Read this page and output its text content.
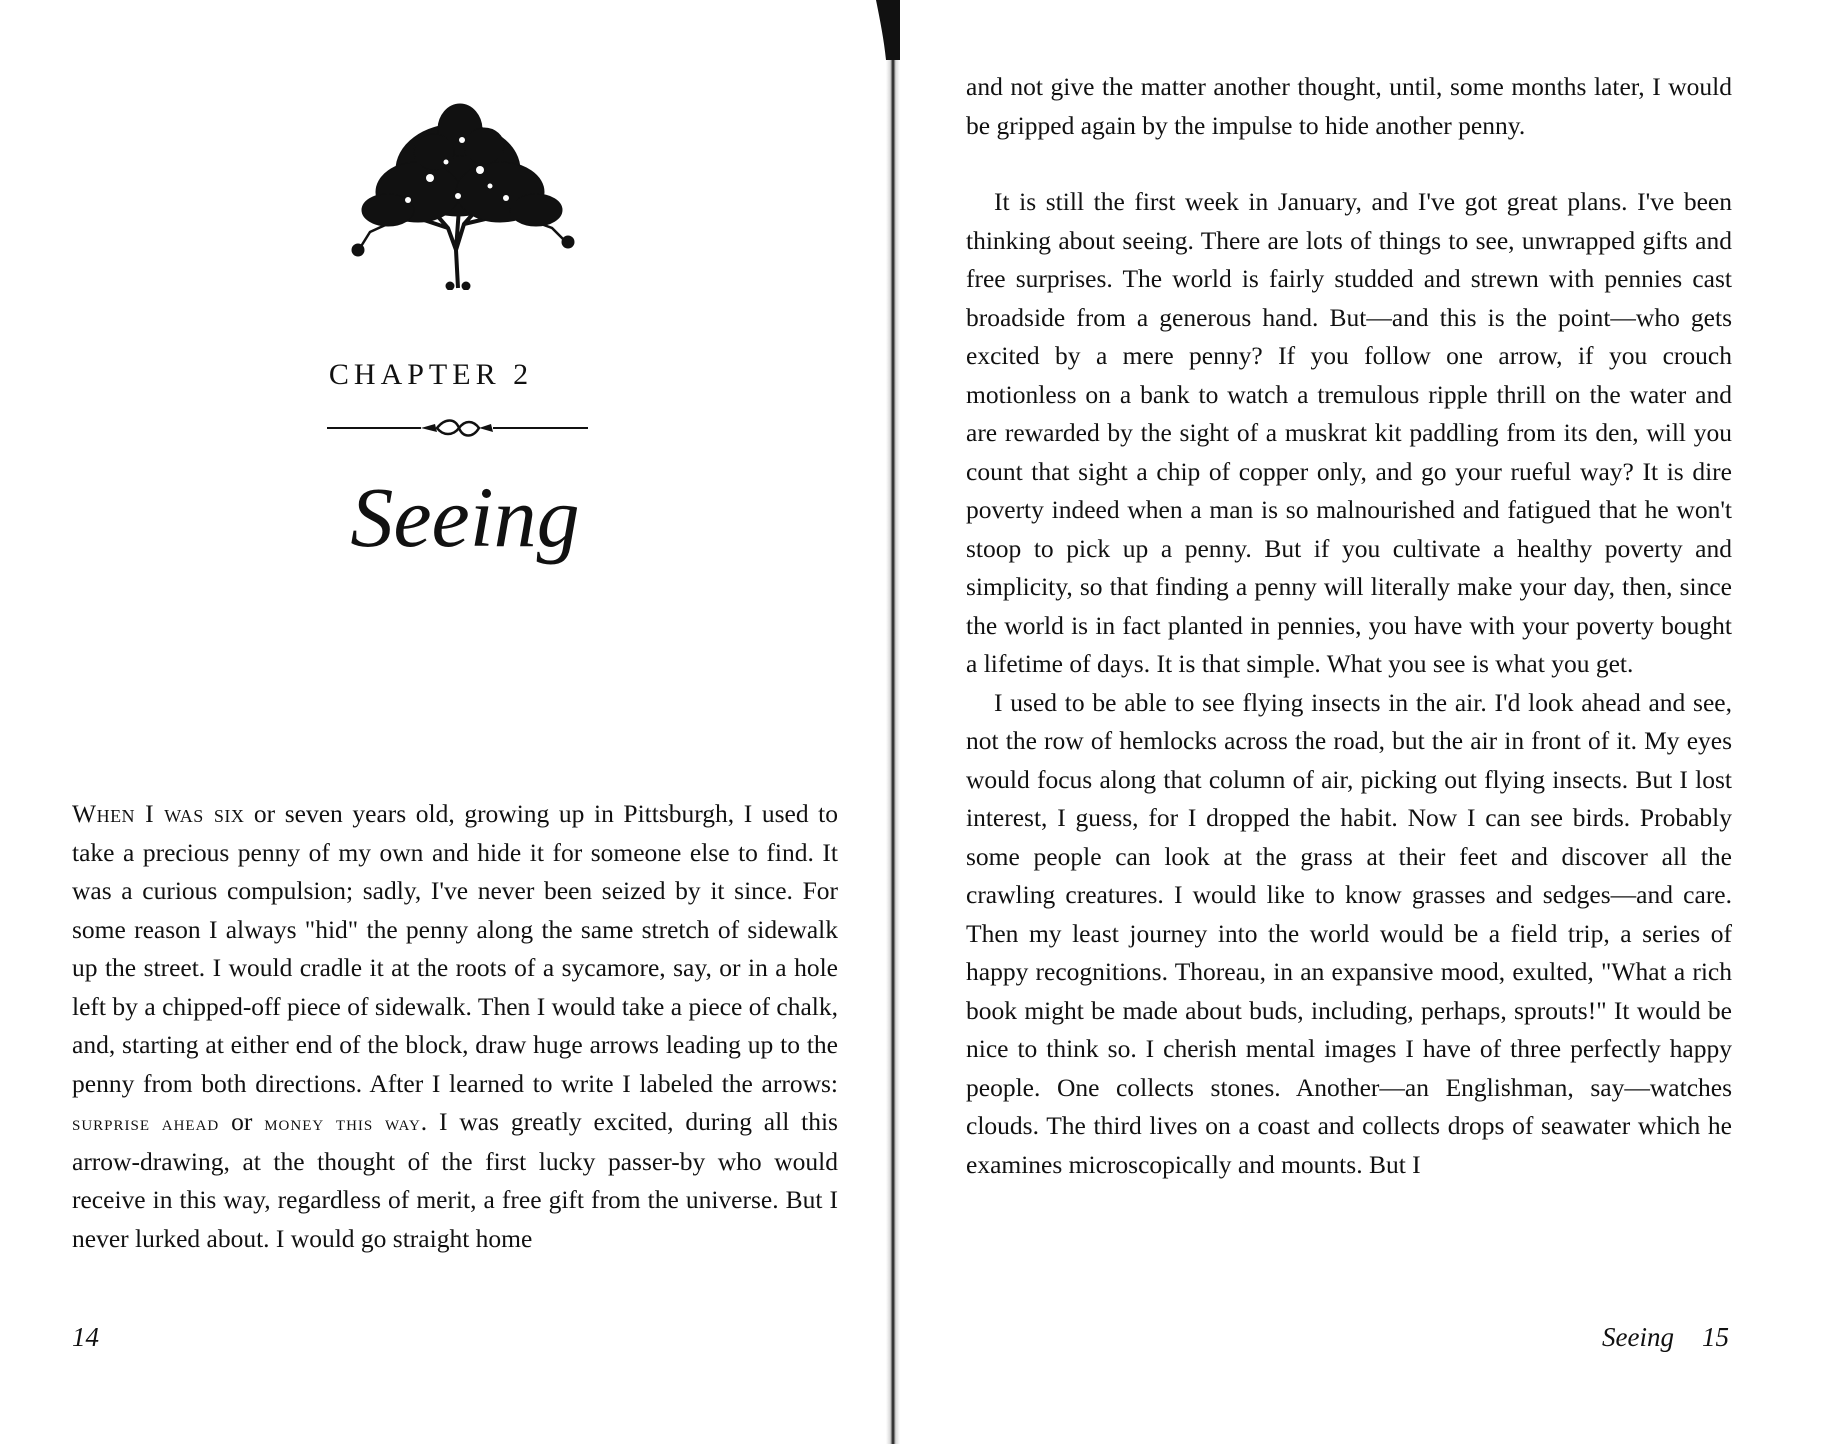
CHAPTER 2
Seeing

When I was six or seven years old, growing up in Pittsburgh, I used to take a precious penny of my own and hide it for someone else to find. It was a curious compulsion; sadly, I've never been seized by it since. For some reason I always "hid" the penny along the same stretch of sidewalk up the street. I would cradle it at the roots of a sycamore, say, or in a hole left by a chipped-off piece of sidewalk. Then I would take a piece of chalk, and, starting at either end of the block, draw huge arrows leading up to the penny from both directions. After I learned to write I labeled the arrows: surprise ahead or money this way. I was greatly excited, during all this arrow-drawing, at the thought of the first lucky passer-by who would receive in this way, regardless of merit, a free gift from the universe. But I never lurked about. I would go straight home

14

and not give the matter another thought, until, some months later, I would be gripped again by the impulse to hide another penny.

It is still the first week in January, and I've got great plans. I've been thinking about seeing. There are lots of things to see, unwrapped gifts and free surprises. The world is fairly studded and strewn with pennies cast broadside from a generous hand. But—and this is the point—who gets excited by a mere penny? If you follow one arrow, if you crouch motionless on a bank to watch a tremulous ripple thrill on the water and are rewarded by the sight of a muskrat kit paddling from its den, will you count that sight a chip of copper only, and go your rueful way? It is dire poverty indeed when a man is so malnourished and fatigued that he won't stoop to pick up a penny. But if you cultivate a healthy poverty and simplicity, so that finding a penny will literally make your day, then, since the world is in fact planted in pennies, you have with your poverty bought a lifetime of days. It is that simple. What you see is what you get.

I used to be able to see flying insects in the air. I'd look ahead and see, not the row of hemlocks across the road, but the air in front of it. My eyes would focus along that column of air, picking out flying insects. But I lost interest, I guess, for I dropped the habit. Now I can see birds. Probably some people can look at the grass at their feet and discover all the crawling creatures. I would like to know grasses and sedges—and care. Then my least journey into the world would be a field trip, a series of happy recognitions. Thoreau, in an expansive mood, exulted, "What a rich book might be made about buds, including, perhaps, sprouts!" It would be nice to think so. I cherish mental images I have of three perfectly happy people. One collects stones. Another—an Englishman, say—watches clouds. The third lives on a coast and collects drops of seawater which he examines microscopically and mounts. But I

Seeing 15
